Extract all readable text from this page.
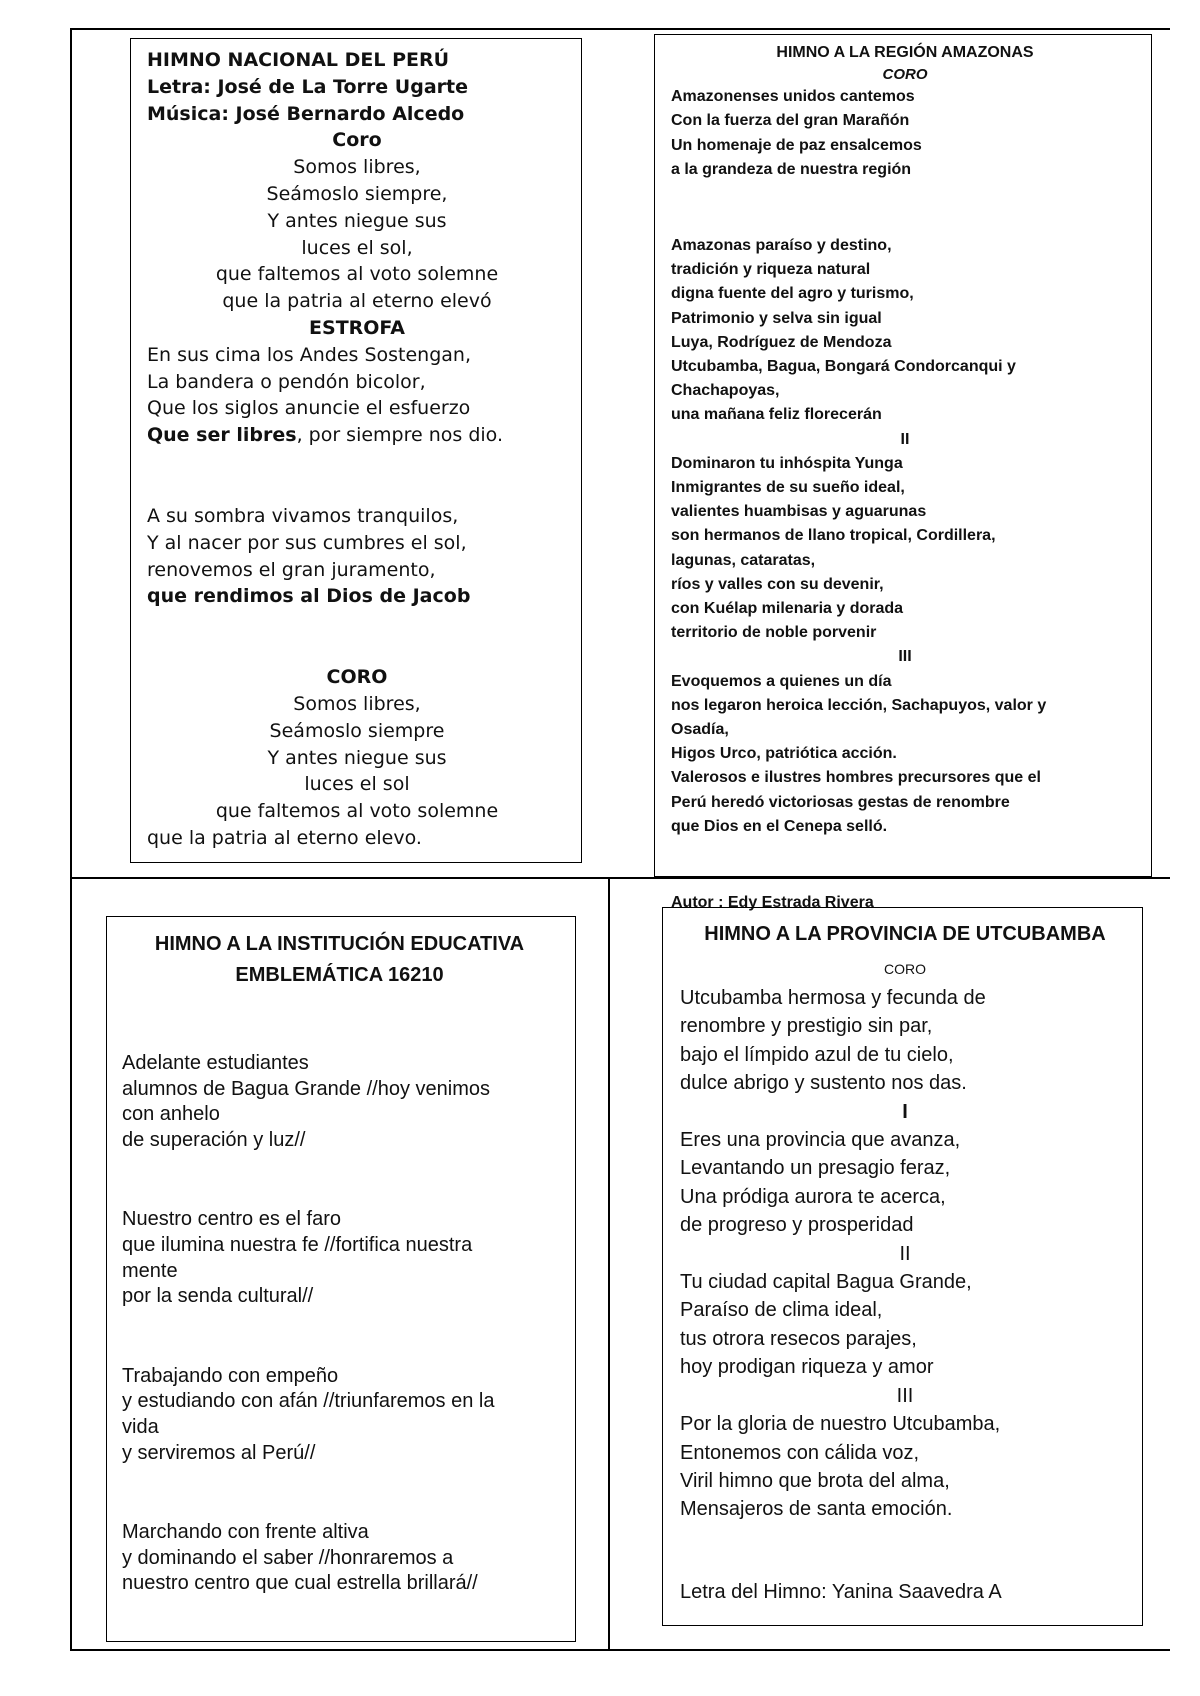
HIMNO NACIONAL DEL PERÚ

Letra: José de La Torre Ugarte

Música: José Bernardo Alcedo

Coro

Somos libres,

Seámoslo siempre,

Y antes niegue sus

luces el sol,

que faltemos al voto solemne

que la patria al eterno elevó

ESTROFA

En sus cima los Andes Sostengan,

La bandera o pendón bicolor,

Que los siglos anuncie el esfuerzo

Que ser libres, por siempre nos dio.

A su sombra vivamos tranquilos,

Y al nacer por sus cumbres el sol,

renovemos el gran juramento,

que rendimos al Dios de Jacob

CORO

Somos libres,

Seámoslo siempre

Y antes niegue sus

luces el sol

que faltemos al voto solemne

que la patria al eterno elevo.

HIMNO A LA REGIÓN AMAZONAS

CORO

Amazonenses unidos cantemos

Con la fuerza del gran Marañón

Un homenaje de paz ensalcemos

a la grandeza de nuestra región

Amazonas paraíso y destino,

tradición y riqueza natural

digna fuente del agro y turismo,

Patrimonio y selva sin igual

Luya, Rodríguez de Mendoza

Utcubamba, Bagua, Bongará Condorcanqui y

Chachapoyas,

una mañana feliz florecerán

II

Dominaron tu inhóspita Yunga

Inmigrantes de su sueño ideal,

valientes huambisas y aguarunas

son hermanos de llano tropical, Cordillera,

lagunas, cataratas,

ríos y valles con su devenir,

con Kuélap milenaria y dorada

territorio de noble porvenir

III

Evoquemos a quienes un día

nos legaron heroica lección, Sachapuyos, valor y

Osadía,

Higos Urco, patriótica acción.

Valerosos e ilustres hombres precursores que el

Perú heredó victoriosas gestas de renombre

que Dios en el Cenepa selló.

Autor : Edy Estrada Rivera

HIMNO A LA INSTITUCIÓN EDUCATIVA

EMBLEMÁTICA 16210

Adelante estudiantes

alumnos de Bagua Grande //hoy venimos

con anhelo

de superación y luz//

Nuestro centro es el faro

que ilumina nuestra fe //fortifica nuestra

mente

por la senda cultural//

Trabajando con empeño

y estudiando con afán //triunfaremos en la

vida

y serviremos al Perú//

Marchando con frente altiva

y dominando el saber //honraremos a

nuestro centro que cual estrella brillará//

HIMNO A LA PROVINCIA DE UTCUBAMBA

CORO

Utcubamba hermosa y fecunda de

renombre y prestigio sin par,

bajo el límpido azul de tu cielo,

dulce abrigo y sustento nos das.

I

Eres una provincia que avanza,

Levantando un presagio feraz,

Una pródiga aurora te acerca,

de progreso y prosperidad

II

Tu ciudad capital Bagua Grande,

Paraíso de clima ideal,

tus otrora resecos parajes,

hoy prodigan riqueza y amor

III

Por la gloria de nuestro Utcubamba,

Entonemos con cálida voz,

Viril himno que brota del alma,

Mensajeros de santa emoción.

Letra del Himno: Yanina Saavedra A
